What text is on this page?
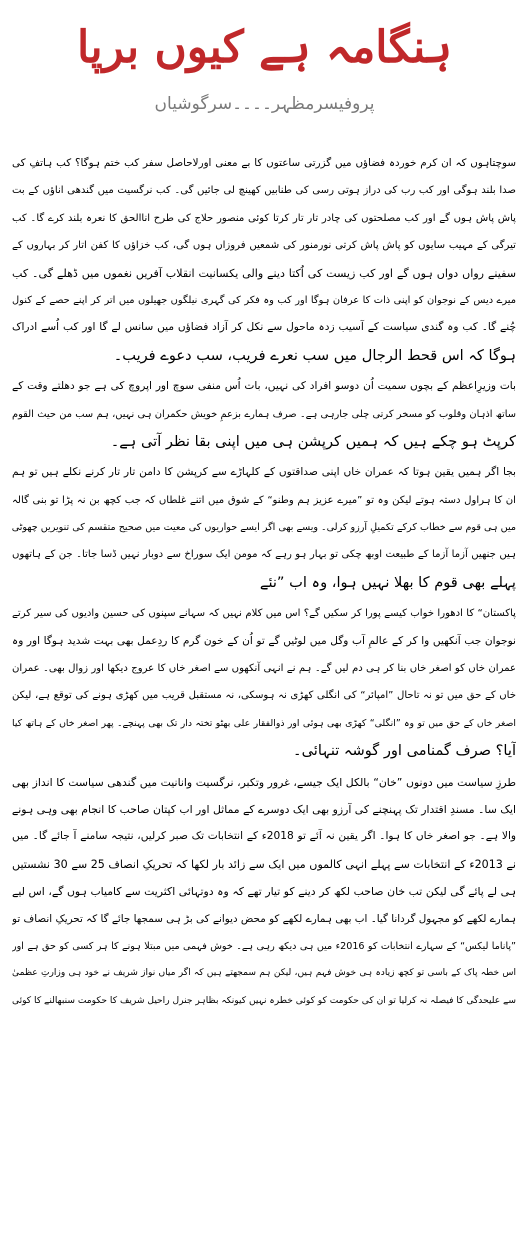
ہنگامہ ہے کیوں برپا
پروفیسرمظہر۔۔۔۔سرگوشیاں
سوچتاہوں کہ ان کرم خوردہ فضاؤں میں گزرتی ساعتوں کا بے معنی اورلاحاصل سفر کب ختم ہوگا؟ کب ہاتفِ کی
صدا بلند ہوگی اور کب رب کی دراز ہوتی رسی کی طنابیں کھینچ لی جائیں گی۔ کب نرگسیت میں گندھی اناؤں کے بت
پاش پاش ہوں گے اور کب مصلحتوں کی چادر تار تار کرتا کوئی منصور حلاج کی طرح اناالحق کا نعرہ بلند کرے گا۔ کب
تیرگی کے مہیب سایوں کو پاش پاش کرتی نورمنور کی شمعیں فروزاں ہوں گی، کب خزاؤں کا کفن اتار کر بہاروں کے
سفینے رواں دواں ہوں گے اور کب زیست کی اُکتا دینے والی یکسانیت انقلاب آفریں نغموں میں ڈھلے گی۔ کب
میرے دیس کے نوجوان کو اپنی ذات کا عرفان ہوگا اور کب وہ فکر کی گہری نیلگوں جھیلوں میں اتر کر اپنے حصے کے کنول
چُنے گا۔ کب وہ گندی سیاست کے آسیب زدہ ماحول سے نکل کر آزاد فضاؤں میں سانس لے گا اور کب اُسے ادراک
ہوگا کہ اس قحط الرجال میں سب نعرے فریب، سب دعوے فریب۔
بات وزیرِاعظم کے بچوں سمیت اُن دوسو افراد کی نہیں، بات اُس منفی سوچ اور اپروچ کی ہے جو دھلتے وقت کے
ساتھ اذہان وقلوب کو مسخر کرتی چلی جارہی ہے۔ صرف ہمارے بزعمِ خویش حکمران ہی نہیں، ہم سب من حیث القوم
کرپٹ ہو چکے ہیں کہ ہمیں کرپشن ہی میں اپنی بقا نظر آتی ہے۔
بجا اگر ہمیں یقین ہوتا کہ عمران خاں اپنی صداقتوں کے کلہاڑے سے کرپشن کا دامن تار تار کرنے نکلے ہیں تو ہم
ان کا ہراول دستہ ہوتے لیکن وہ تو ”میرے عزیز ہم وطنو“ کے شوق میں اتنے غلطاں کہ جب کچھ بن نہ پڑا تو بنی گالہ
میں ہی قوم سے خطاب کرکے تکمیلِ آرزو کرلی۔ ویسے بھی اگر ایسے حواریوں کی معیت میں صحیح متقسم کی تنویریں چھوٹی
ہیں جنھیں آزما آزما کے طبیعت اوبھ چکی تو بہار ہو رہے کہ مومن ایک سوراخ سے دوبار نہیں ڈسا جاتا۔ جن کے ہاتھوں
پہلے بھی قوم کا بھلا نہیں ہوا، وہ اب ”نئے
پاکستان“ کا ادھورا خواب کیسے پورا کر سکیں گے؟ اس میں کلام نہیں کہ سہانے سپنوں کی حسین وادیوں کی سیر کرتے
نوجوان جب آنکھیں وا کر کے عالمِ آب وگل میں لوٹیں گے تو اُن کے خون گرم کا ردِعمل بھی بہت شدید ہوگا اور وہ
عمران خاں کو اصغر خاں بنا کر ہی دم لیں گے۔ ہم نے انہی آنکھوں سے اصغر خاں کا عروج دیکھا اور زوال بھی۔ عمران
خاں کے حق میں تو نہ تاحال ”امپائر“ کی انگلی کھڑی نہ ہوسکی، نہ مستقبل قریب میں کھڑی ہونے کی توقع ہے، لیکن
اصغر خاں کے حق میں تو وہ ”انگلی“ کھڑی بھی ہوئی اور ذوالفقار علی بھٹو تختہ دار تک بھی پہنچے۔ پھر اصغر خاں کے ہاتھ کیا
آیا؟ صرف گمنامی اور گوشہ تنہائی۔
طرزِ سیاست میں دونوں ”خان“ بالکل ایک جیسے، غرور وتکبر، نرگسیت وانانیت میں گندھی سیاست کا انداز بھی
ایک سا۔ مسندِ اقتدار تک پہنچنے کی آرزو بھی ایک دوسرے کے مماثل اور اب کپتان صاحب کا انجام بھی وہی ہونے
والا ہے۔ جو اصغر خاں کا ہوا۔ اگر یقین نہ آئے تو 2018ء کے انتخابات تک صبر کرلیں، نتیجہ سامنے آ جائے گا۔ میں
نے 2013ء کے انتخابات سے پہلے انہی کالموں میں ایک سے زائد بار لکھا کہ تحریکِ انصاف 25 سے 30 نشستیں
ہی لے پائے گی لیکن تب خان صاحب لکھ کر دینے کو تیار تھے کہ وہ دوتہائی اکثریت سے کامیاب ہوں گے، اس لیے
ہمارے لکھے کو مجہول گردانا گیا۔ اب بھی ہمارے لکھے کو محض دیوانے کی بڑ ہی سمجھا جائے گا کہ تحریکِ انصاف تو
”پاناما لیکس“ کے سہارے انتخابات کو 2016ء میں ہی دیکھ رہی ہے۔ خوش فہمی میں مبتلا ہونے کا ہر کسی کو حق ہے اور
اس خطہ پاک کے باسی تو کچھ زیادہ ہی خوش فہم ہیں، لیکن ہم سمجھتے ہیں کہ اگر میاں نواز شریف نے خود ہی وزارتِ عظمیٰ
سے علیحدگی کا فیصلہ نہ کرلیا تو ان کی حکومت کو کوئی خطرہ نہیں کیونکہ بظاہر جنرل راحیل شریف کا حکومت سنبھالنے کا کوئی
